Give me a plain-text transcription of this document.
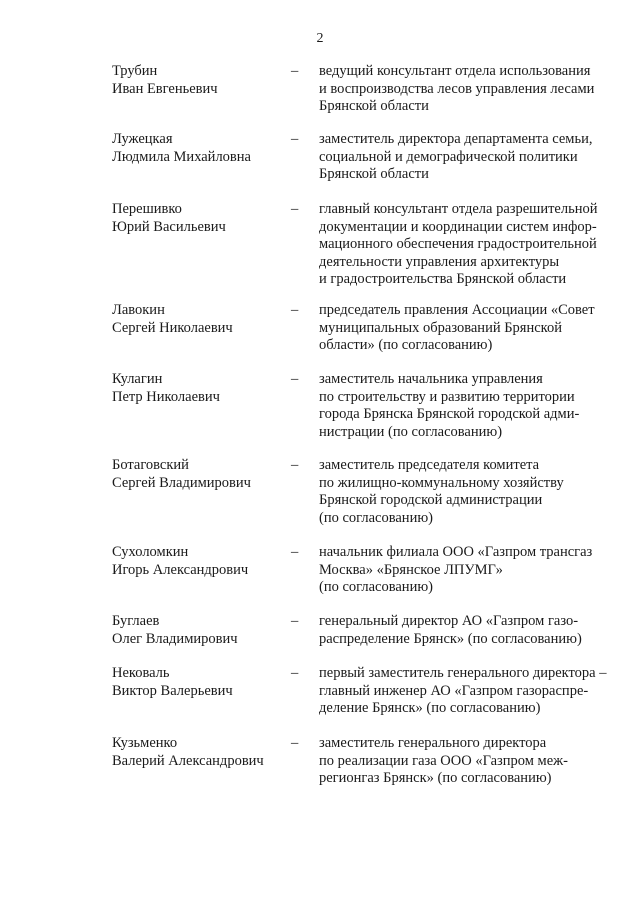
2
Трубин
Иван Евгеньевич
– ведущий консультант отдела использования
и воспроизводства лесов управления лесами
Брянской области
Лужецкая
Людмила Михайловна
– заместитель директора департамента семьи,
социальной и демографической политики
Брянской области
Перешивко
Юрий Васильевич
– главный консультант отдела разрешительной
документации и координации систем инфор-
мационного обеспечения градостроительной
деятельности управления архитектуры
и градостроительства Брянской области
Лавокин
Сергей Николаевич
– председатель правления Ассоциации «Совет
муниципальных образований Брянской
области» (по согласованию)
Кулагин
Петр Николаевич
– заместитель начальника управления
по строительству и развитию территории
города Брянска Брянской городской адми-
нистрации (по согласованию)
Ботаговский
Сергей Владимирович
– заместитель председателя комитета
по жилищно-коммунальному хозяйству
Брянской городской администрации
(по согласованию)
Сухоломкин
Игорь Александрович
– начальник филиала ООО «Газпром трансгаз
Москва» «Брянское ЛПУМГ»
(по согласованию)
Буглаев
Олег Владимирович
– генеральный директор АО «Газпром газо-
распределение Брянск» (по согласованию)
Нековаль
Виктор Валерьевич
– первый заместитель генерального директора –
главный инженер АО «Газпром газораспре-
деление Брянск» (по согласованию)
Кузьменко
Валерий Александрович
– заместитель генерального директора
по реализации газа ООО «Газпром меж-
регионгаз Брянск» (по согласованию)
